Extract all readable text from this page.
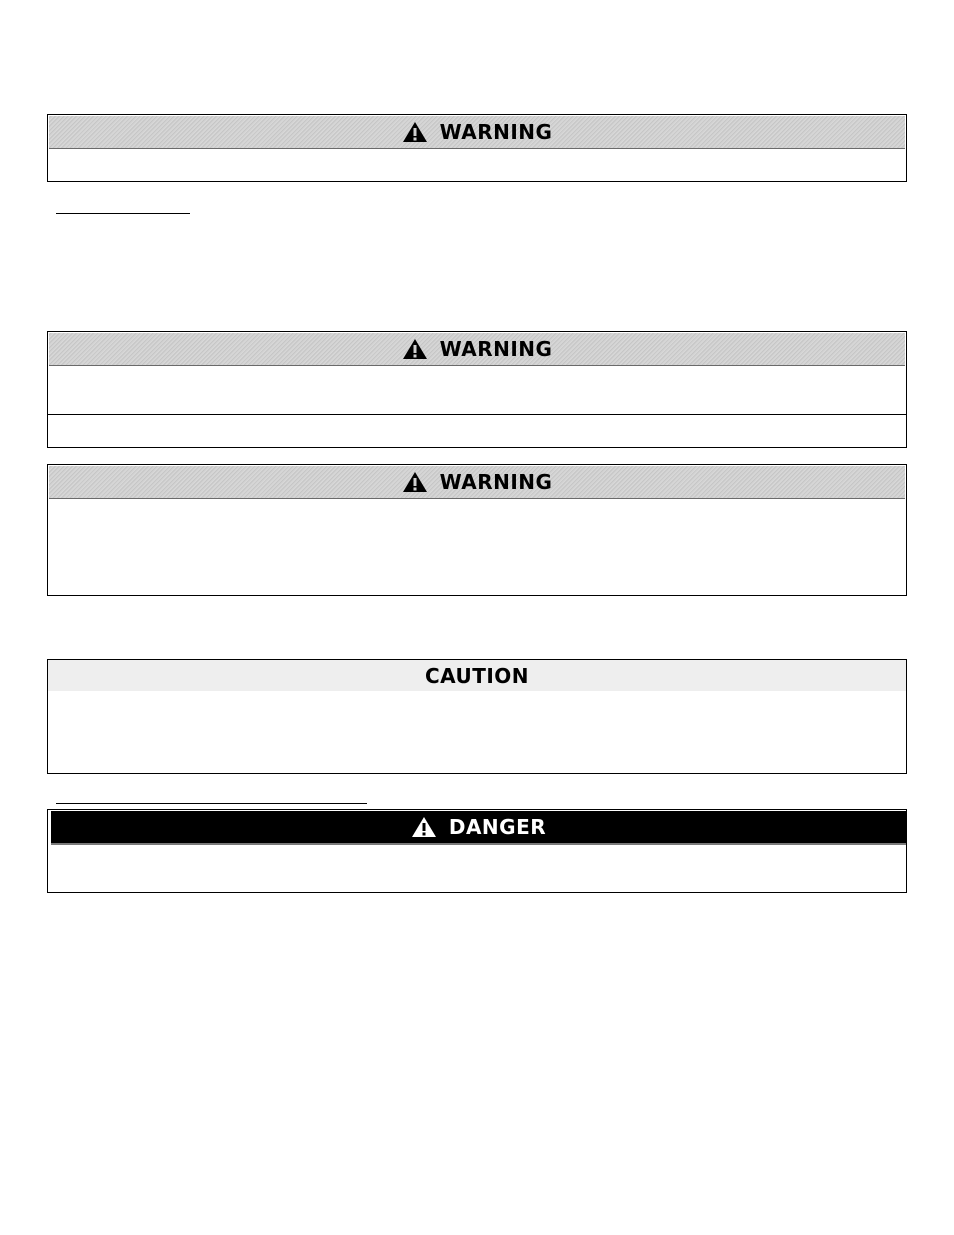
WARNING
WARNING
WARNING
CAUTION
DANGER
